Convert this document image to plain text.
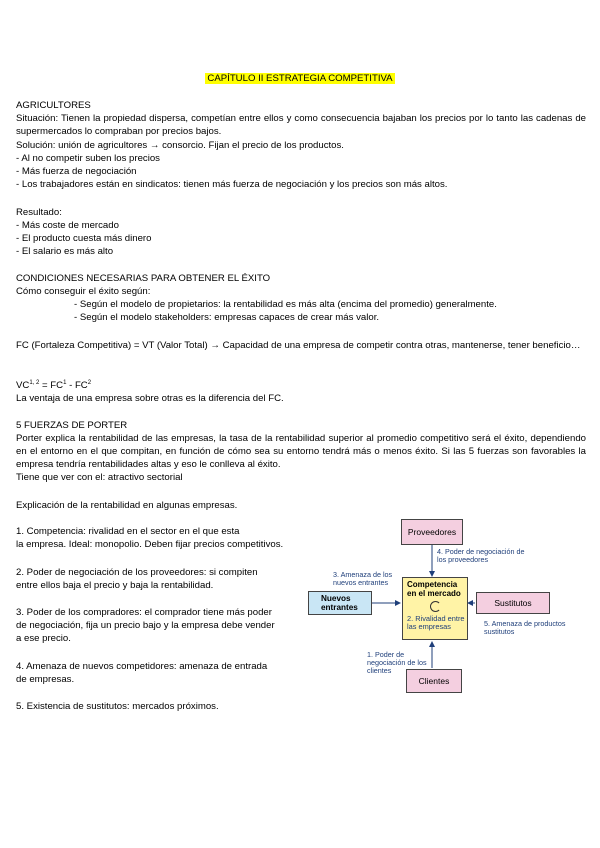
CAPÍTULO II ESTRATEGIA COMPETITIVA
AGRICULTORES
Situación: Tienen la propiedad dispersa, competían entre ellos y como consecuencia bajaban los precios por lo tanto las cadenas de supermercados lo compraban por precios bajos.
Solución: unión de agricultores → consorcio. Fijan el precio de los productos.
- Al no competir suben los precios
- Más fuerza de negociación
- Los trabajadores están en sindicatos: tienen más fuerza de negociación y los precios son más altos.
Resultado:
- Más coste de mercado
- El producto cuesta más dinero
- El salario es más alto
CONDICIONES NECESARIAS PARA OBTENER EL ÉXITO
Cómo conseguir el éxito según:
- Según el modelo de propietarios: la rentabilidad es más alta (encima del promedio) generalmente.
- Según el modelo stakeholders: empresas capaces de crear más valor.
FC (Fortaleza Competitiva) = VT (Valor Total) → Capacidad de una empresa de competir contra otras, mantenerse, tener beneficio…
$VC^{1, 2} = FC^1 - FC^2$
La ventaja de una empresa sobre otras es la diferencia del FC.
5 FUERZAS DE PORTER
Porter explica la rentabilidad de las empresas, la tasa de la rentabilidad superior al promedio competitivo será el éxito, dependiendo en el entorno en el que compitan, en función de cómo sea su entorno tendrá más o menos éxito. Si las 5 fuerzas son favorables la empresa tendría rentabilidades altas y eso le conlleva al éxito.
Tiene que ver con el: atractivo sectorial
Explicación de la rentabilidad en algunas empresas.
1. Competencia: rivalidad en el sector en el que esta
la empresa. Ideal: monopolio. Deben fijar precios competitivos.
2. Poder de negociación de los proveedores: si compiten
entre ellos baja el precio y baja la rentabilidad.
3. Poder de los compradores: el comprador tiene más poder
de negociación, fija un precio bajo y la empresa debe vender
a ese precio.
4. Amenaza de nuevos competidores: amenaza de entrada
de empresas.
5. Existencia de sustitutos: mercados próximos.
Proveedores
4. Poder de negociación de los proveedores
3. Amenaza de los nuevos entrantes
Nuevos entrantes
Competencia en el mercado
2. Rivalidad entre las empresas
Sustitutos
5. Amenaza de productos sustitutos
1. Poder de negociación de los clientes
Clientes
